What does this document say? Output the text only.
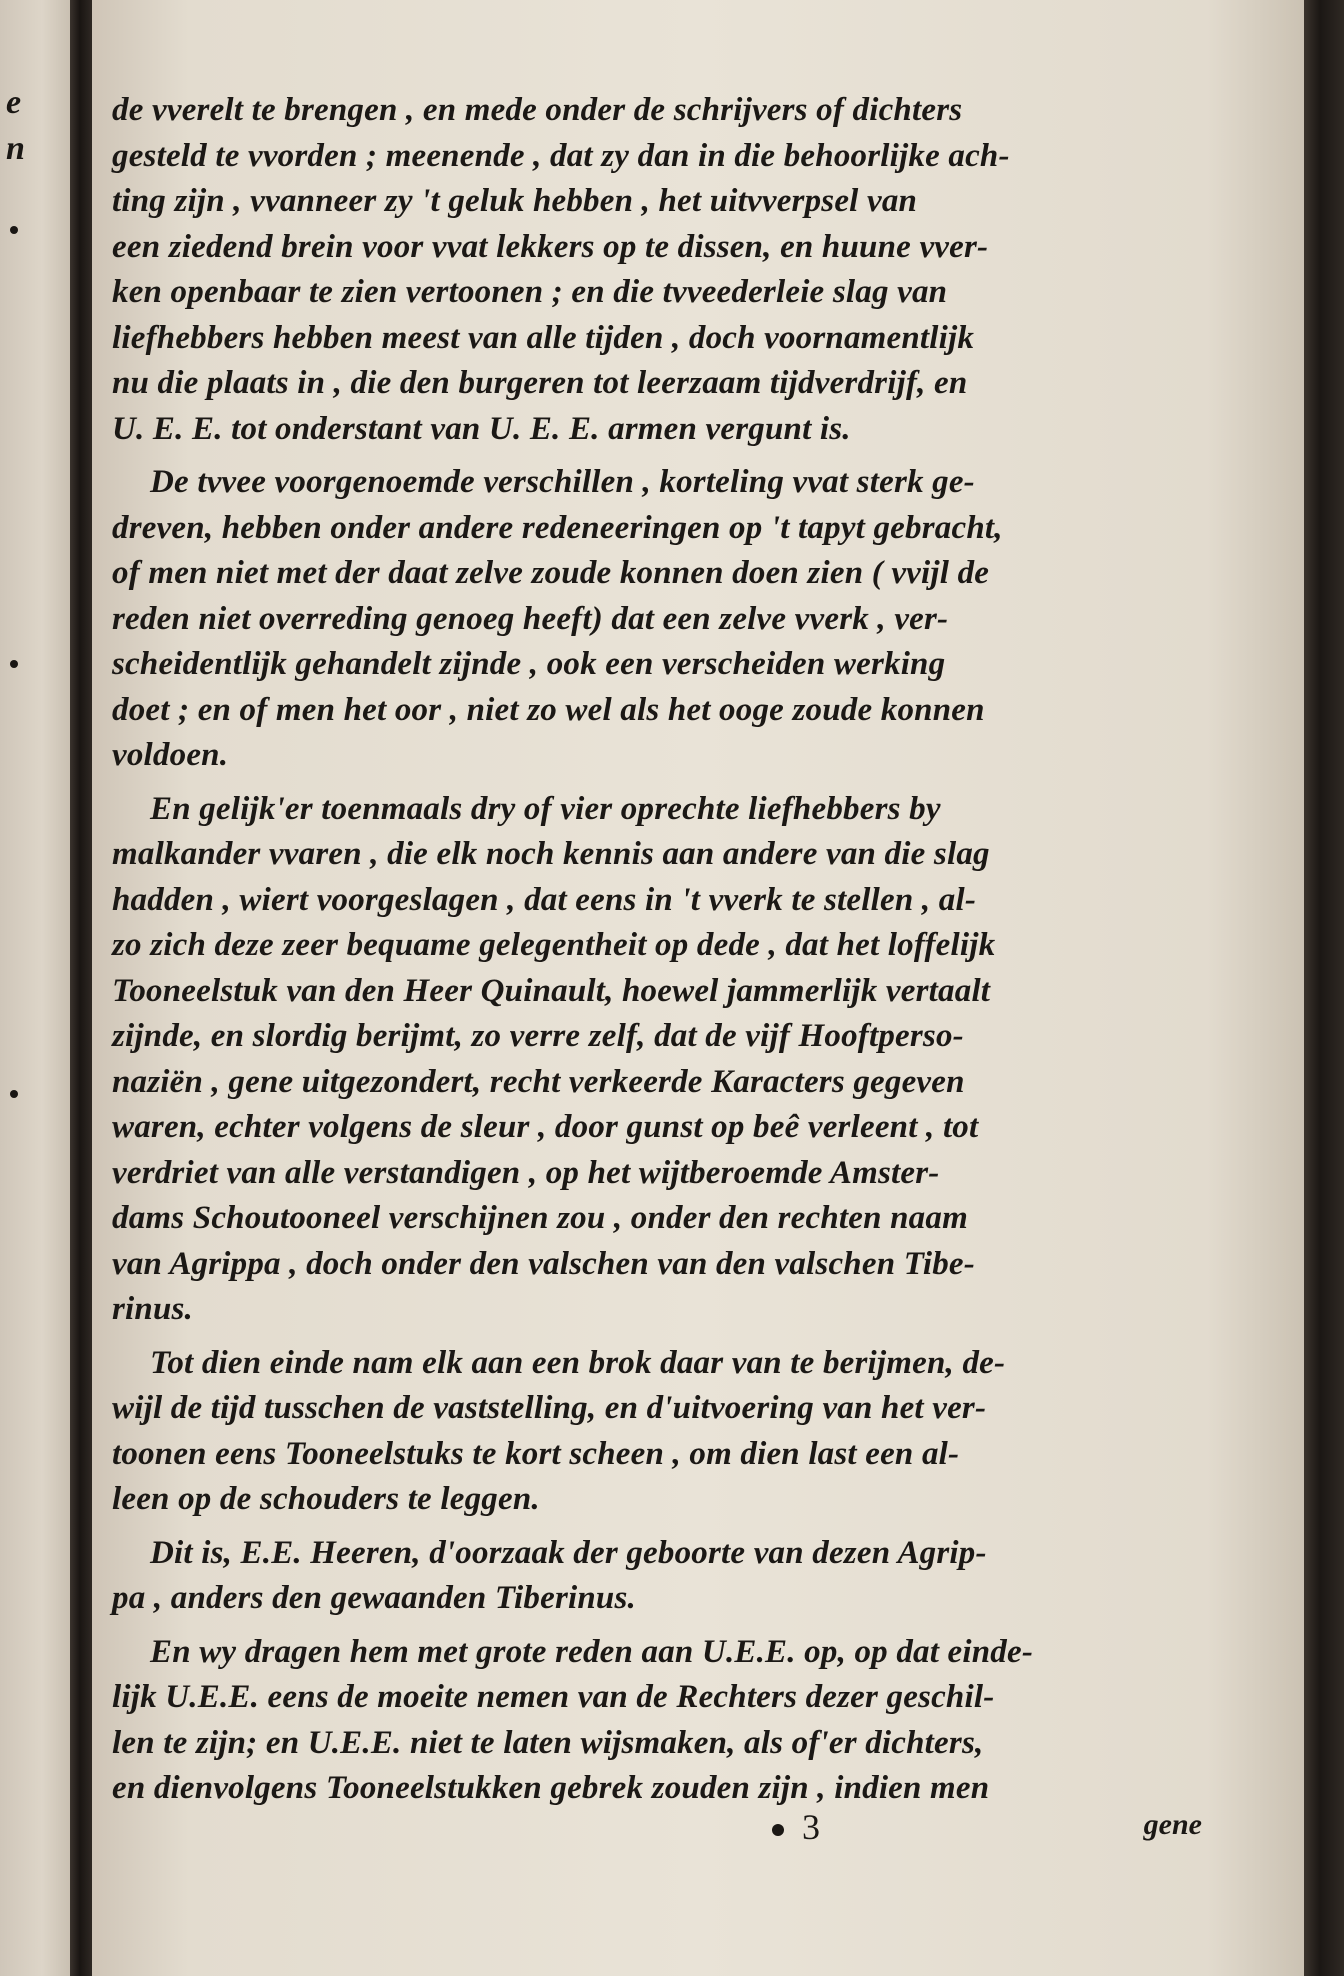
e
n
de vverelt te brengen , en mede onder de schrijvers of dichters
gesteld te vvorden ; meenende , dat zy dan in die behoorlijke ach-
ting zijn , vvanneer zy 't geluk hebben , het uitvverpsel van
een ziedend brein voor vvat lekkers op te dissen, en huune vver-
ken openbaar te zien vertoonen ; en die tvveederleie slag van
liefhebbers hebben meest van alle tijden , doch voornamentlijk
nu die plaats in , die den burgeren tot leerzaam tijdverdrijf, en
U. E. E. tot onderstant van U. E. E. armen vergunt is.
De tvvee voorgenoemde verschillen , korteling vvat sterk ge-
dreven, hebben onder andere redeneeringen op 't tapyt gebracht,
of men niet met der daat zelve zoude konnen doen zien ( vvijl de
reden niet overreding genoeg heeft) dat een zelve vverk , ver-
scheidentlijk gehandelt zijnde , ook een verscheiden werking
doet ; en of men het oor , niet zo wel als het ooge zoude konnen
voldoen.
En gelijk'er toenmaals dry of vier oprechte liefhebbers by
malkander vvaren , die elk noch kennis aan andere van die slag
hadden , wiert voorgeslagen , dat eens in 't vverk te stellen , al-
zo zich deze zeer bequame gelegentheit op dede , dat het loffelijk
Tooneelstuk van den Heer Quinault, hoewel jammerlijk vertaalt
zijnde, en slordig berijmt, zo verre zelf, dat de vijf Hooftperso-
naziën , gene uitgezondert, recht verkeerde Karacters gegeven
waren, echter volgens de sleur , door gunst op beê verleent , tot
verdriet van alle verstandigen , op het wijtberoemde Amster-
dams Schoutooneel verschijnen zou , onder den rechten naam
van Agrippa , doch onder den valschen van den valschen Tibe-
rinus.
Tot dien einde nam elk aan een brok daar van te berijmen, de-
wijl de tijd tusschen de vaststelling, en d'uitvoering van het ver-
toonen eens Tooneelstuks te kort scheen , om dien last een al-
leen op de schouders te leggen.
Dit is, E.E. Heeren, d'oorzaak der geboorte van dezen Agrip-
pa , anders den gewaanden Tiberinus.
En wy dragen hem met grote reden aan U.E.E. op, op dat einde-
lijk U.E.E. eens de moeite nemen van de Rechters dezer geschil-
len te zijn; en U.E.E. niet te laten wijsmaken, als of'er dichters,
en dienvolgens Tooneelstukken gebrek zouden zijn , indien men
3	gene
